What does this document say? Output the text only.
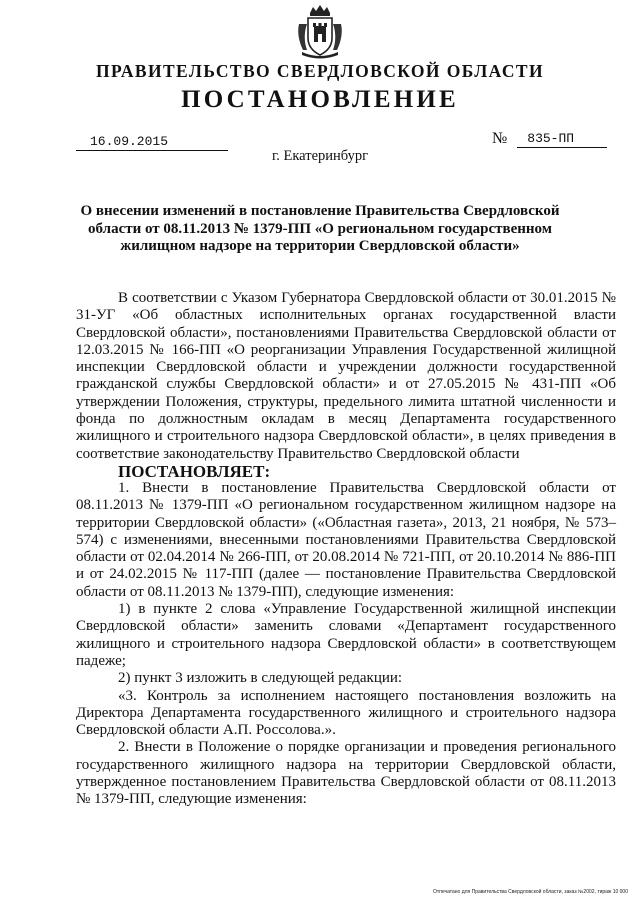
ПРАВИТЕЛЬСТВО СВЕРДЛОВСКОЙ ОБЛАСТИ
ПОСТАНОВЛЕНИЕ
16.09.2015	№ 835-ПП
г. Екатеринбург
О внесении изменений в постановление Правительства Свердловской области от 08.11.2013 № 1379-ПП «О региональном государственном жилищном надзоре на территории Свердловской области»

В соответствии с Указом Губернатора Свердловской области от 30.01.2015 № 31-УГ «Об областных исполнительных органах государственной власти Свердловской области», постановлениями Правительства Свердловской области от 12.03.2015 № 166-ПП «О реорганизации Управления Государственной жилищной инспекции Свердловской области и учреждении должности государственной гражданской службы Свердловской области» и от 27.05.2015 № 431-ПП «Об утверждении Положения, структуры, предельного лимита штатной численности и фонда по должностным окладам в месяц Департамента государственного жилищного и строительного надзора Свердловской области», в целях приведения в соответствие законодательству Правительство Свердловской области

ПОСТАНОВЛЯЕТ:

1. Внести в постановление Правительства Свердловской области от 08.11.2013 № 1379-ПП «О региональном государственном жилищном надзоре на территории Свердловской области» («Областная газета», 2013, 21 ноября, № 573–574) с изменениями, внесенными постановлениями Правительства Свердловской области от 02.04.2014 № 266-ПП, от 20.08.2014 № 721-ПП, от 20.10.2014 № 886-ПП и от 24.02.2015 № 117-ПП (далее — постановление Правительства Свердловской области от 08.11.2013 № 1379-ПП), следующие изменения:

1) в пункте 2 слова «Управление Государственной жилищной инспекции Свердловской области» заменить словами «Департамент государственного жилищного и строительного надзора Свердловской области» в соответствующем падеже;

2) пункт 3 изложить в следующей редакции:

«3. Контроль за исполнением настоящего постановления возложить на Директора Департамента государственного жилищного и строительного надзора Свердловской области А.П. Россолова.».

2. Внести в Положение о порядке организации и проведения регионального государственного жилищного надзора на территории Свердловской области, утвержденное постановлением Правительства Свердловской области от 08.11.2013 № 1379-ПП, следующие изменения:

Отпечатано для Правительства Свердловской области, заказ №2002, тираж 10 000
